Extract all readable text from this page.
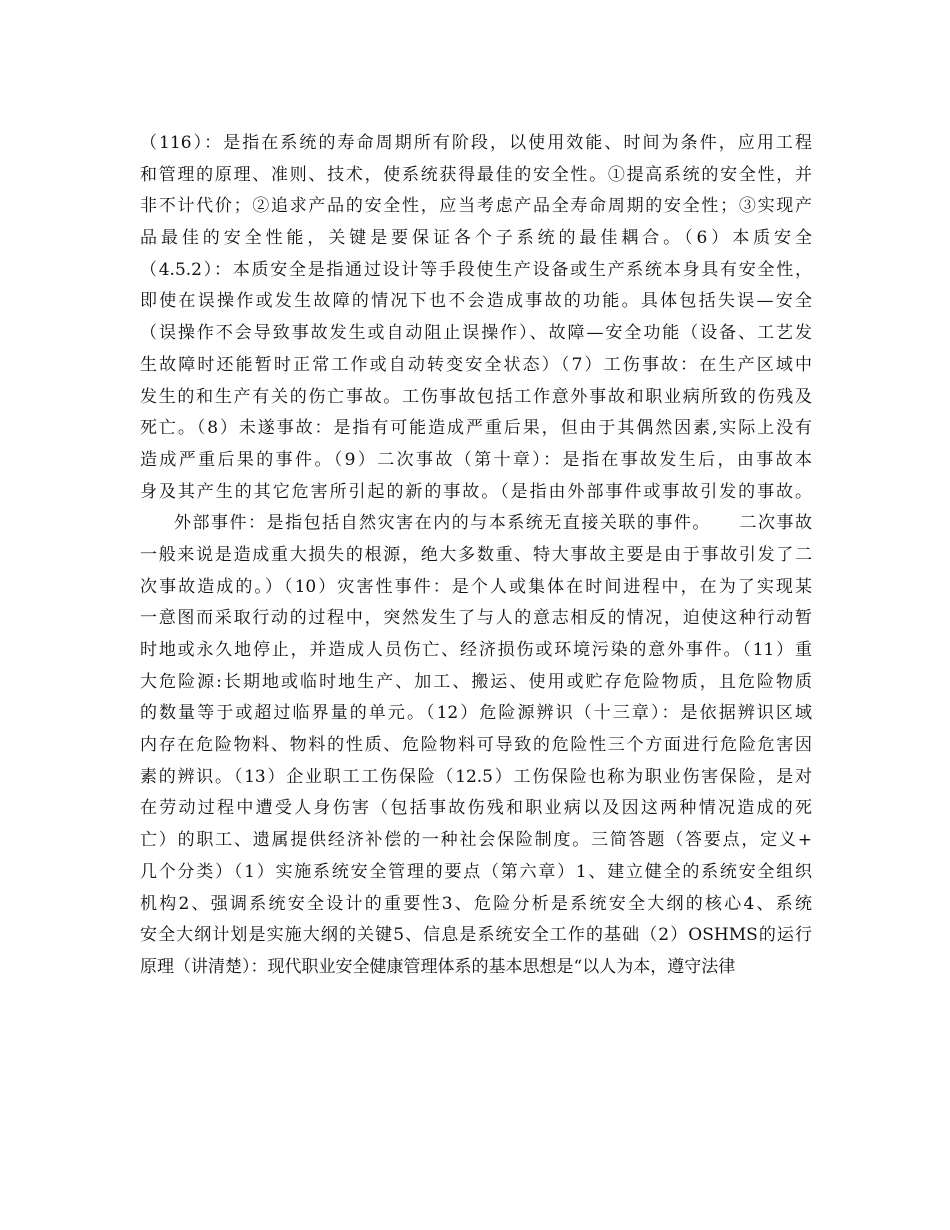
（116）：是指在系统的寿命周期所有阶段，以使用效能、时间为条件，应用工程
和管理的原理、准则、技术，使系统获得最佳的安全性。①提高系统的安全性，并
非不计代价；②追求产品的安全性，应当考虑产品全寿命周期的安全性；③实现产
品最佳的安全性能，关键是要保证各个子系统的最佳耦合。（6）本质安全
（4.5.2）：本质安全是指通过设计等手段使生产设备或生产系统本身具有安全性，
即使在误操作或发生故障的情况下也不会造成事故的功能。具体包括失误—安全
（误操作不会导致事故发生或自动阻止误操作）、故障—安全功能（设备、工艺发
生故障时还能暂时正常工作或自动转变安全状态）（7）工伤事故：在生产区域中
发生的和生产有关的伤亡事故。工伤事故包括工作意外事故和职业病所致的伤残及
死亡。（8）未遂事故：是指有可能造成严重后果，但由于其偶然因素,实际上没有
造成严重后果的事件。（9）二次事故（第十章）：是指在事故发生后，由事故本
身及其产生的其它危害所引起的新的事故。（是指由外部事件或事故引发的事故。
外部事件：是指包括自然灾害在内的与本系统无直接关联的事件。　　二次事故
一般来说是造成重大损失的根源，绝大多数重、特大事故主要是由于事故引发了二
次事故造成的。）（10）灾害性事件：是个人或集体在时间进程中，在为了实现某
一意图而采取行动的过程中，突然发生了与人的意志相反的情况，迫使这种行动暂
时地或永久地停止，并造成人员伤亡、经济损伤或环境污染的意外事件。（11）重
大危险源:长期地或临时地生产、加工、搬运、使用或贮存危险物质，且危险物质
的数量等于或超过临界量的单元。（12）危险源辨识（十三章）：是依据辨识区域
内存在危险物料、物料的性质、危险物料可导致的危险性三个方面进行危险危害因
素的辨识。（13）企业职工工伤保险（12.5）工伤保险也称为职业伤害保险，是对
在劳动过程中遭受人身伤害（包括事故伤残和职业病以及因这两种情况造成的死
亡）的职工、遗属提供经济补偿的一种社会保险制度。三简答题（答要点，定义+
几个分类）（1）实施系统安全管理的要点（第六章）1、建立健全的系统安全组织
机构2、强调系统安全设计的重要性3、危险分析是系统安全大纲的核心4、系统
安全大纲计划是实施大纲的关键5、信息是系统安全工作的基础（2）OSHMS的运行
原理（讲清楚）：现代职业安全健康管理体系的基本思想是“以人为本，遵守法律
